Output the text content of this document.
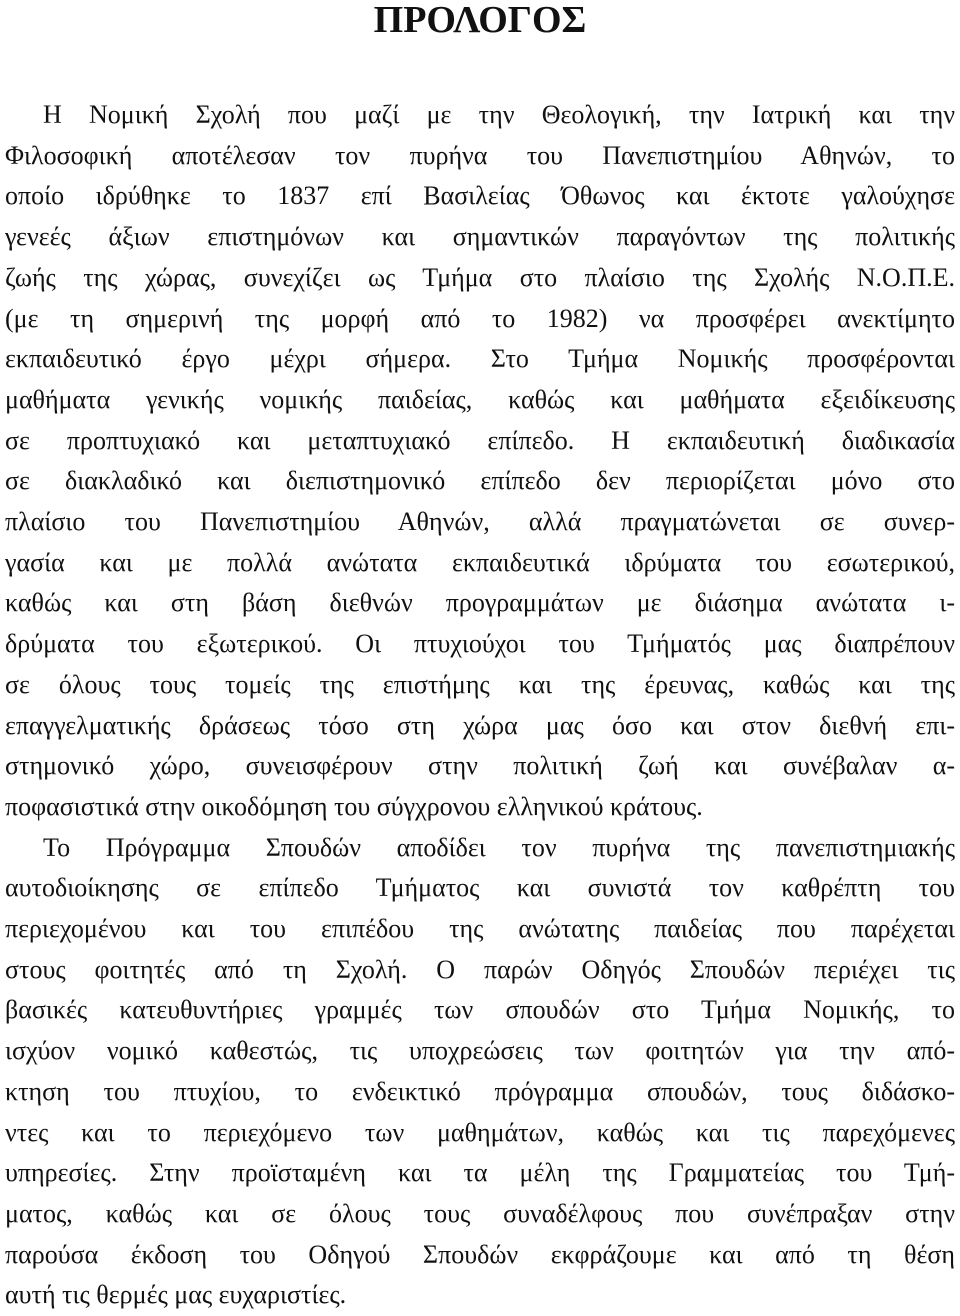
ΠΡΟΛΟΓΟΣ
Η Νομική Σχολή που μαζί με την Θεολογική, την Ιατρική και την
Φιλοσοφική αποτέλεσαν τον πυρήνα του Πανεπιστημίου Αθηνών, το
οποίο ιδρύθηκε το 1837 επί Βασιλείας Όθωνος και έκτοτε γαλούχησε
γενεές άξιων επιστημόνων και σημαντικών παραγόντων της πολιτικής
ζωής της χώρας, συνεχίζει ως Τμήμα στο πλαίσιο της Σχολής Ν.Ο.Π.Ε.
(με τη σημερινή της μορφή από το 1982) να προσφέρει ανεκτίμητο
εκπαιδευτικό έργο μέχρι σήμερα. Στο Τμήμα Νομικής προσφέρονται
μαθήματα γενικής νομικής παιδείας, καθώς και μαθήματα εξειδίκευσης
σε προπτυχιακό και μεταπτυχιακό επίπεδο. Η εκπαιδευτική διαδικασία
σε διακλαδικό και διεπιστημονικό επίπεδο δεν περιορίζεται μόνο στο
πλαίσιο του Πανεπιστημίου Αθηνών, αλλά πραγματώνεται σε συνερ-
γασία και με πολλά ανώτατα εκπαιδευτικά ιδρύματα του εσωτερικού,
καθώς και στη βάση διεθνών προγραμμάτων με διάσημα ανώτατα ι-
δρύματα του εξωτερικού. Οι πτυχιούχοι του Τμήματός μας διαπρέπουν
σε όλους τους τομείς της επιστήμης και της έρευνας, καθώς και της
επαγγελματικής δράσεως τόσο στη χώρα μας όσο και στον διεθνή επι-
στημονικό χώρο, συνεισφέρουν στην πολιτική ζωή και συνέβαλαν α-
ποφασιστικά στην οικοδόμηση του σύγχρονου ελληνικού κράτους.
Το Πρόγραμμα Σπουδών αποδίδει τον πυρήνα της πανεπιστημιακής
αυτοδιοίκησης σε επίπεδο Τμήματος και συνιστά τον καθρέπτη του
περιεχομένου και του επιπέδου της ανώτατης παιδείας που παρέχεται
στους φοιτητές από τη Σχολή. Ο παρών Οδηγός Σπουδών περιέχει τις
βασικές κατευθυντήριες γραμμές των σπουδών στο Τμήμα Νομικής, το
ισχύον νομικό καθεστώς, τις υποχρεώσεις των φοιτητών για την από-
κτηση του πτυχίου, το ενδεικτικό πρόγραμμα σπουδών, τους διδάσκο-
ντες και το περιεχόμενο των μαθημάτων, καθώς και τις παρεχόμενες
υπηρεσίες. Στην προϊσταμένη και τα μέλη της Γραμματείας του Τμή-
ματος, καθώς και σε όλους τους συναδέλφους που συνέπραξαν στην
παρούσα έκδοση του Οδηγού Σπουδών εκφράζουμε και από τη θέση
αυτή τις θερμές μας ευχαριστίες.
